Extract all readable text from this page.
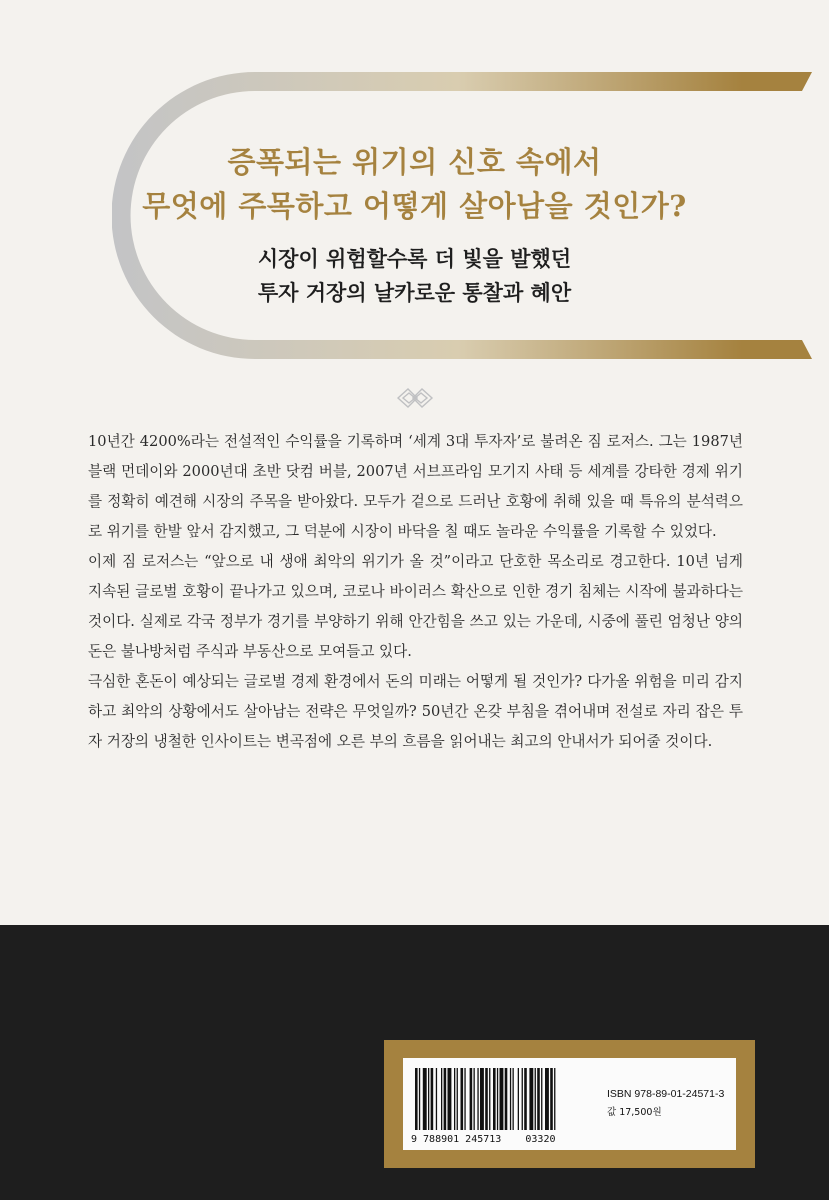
증폭되는 위기의 신호 속에서
무엇에 주목하고 어떻게 살아남을 것인가?
시장이 위험할수록 더 빛을 발했던
투자 거장의 날카로운 통찰과 혜안

10년간 4200%라는 전설적인 수익률을 기록하며 ‘세계 3대 투자자’로 불려온 짐 로저스. 그는 1987년 블랙 먼데이와 2000년대 초반 닷컴 버블, 2007년 서브프라임 모기지 사태 등 세계를 강타한 경제 위기를 정확히 예견해 시장의 주목을 받아왔다. 모두가 겉으로 드러난 호황에 취해 있을 때 특유의 분석력으로 위기를 한발 앞서 감지했고, 그 덕분에 시장이 바닥을 칠 때도 놀라운 수익률을 기록할 수 있었다.

이제 짐 로저스는 “앞으로 내 생애 최악의 위기가 올 것”이라고 단호한 목소리로 경고한다. 10년 넘게 지속된 글로벌 호황이 끝나가고 있으며, 코로나 바이러스 확산으로 인한 경기 침체는 시작에 불과하다는 것이다. 실제로 각국 정부가 경기를 부양하기 위해 안간힘을 쓰고 있는 가운데, 시중에 풀린 엄청난 양의 돈은 불나방처럼 주식과 부동산으로 모여들고 있다.

극심한 혼돈이 예상되는 글로벌 경제 환경에서 돈의 미래는 어떻게 될 것인가? 다가올 위험을 미리 감지하고 최악의 상황에서도 살아남는 전략은 무엇일까? 50년간 온갖 부침을 겪어내며 전설로 자리 잡은 투자 거장의 냉철한 인사이트는 변곡점에 오른 부의 흐름을 읽어내는 최고의 안내서가 되어줄 것이다.

9 788901 245713    03320
ISBN 978-89-01-24571-3
값 17,500원
